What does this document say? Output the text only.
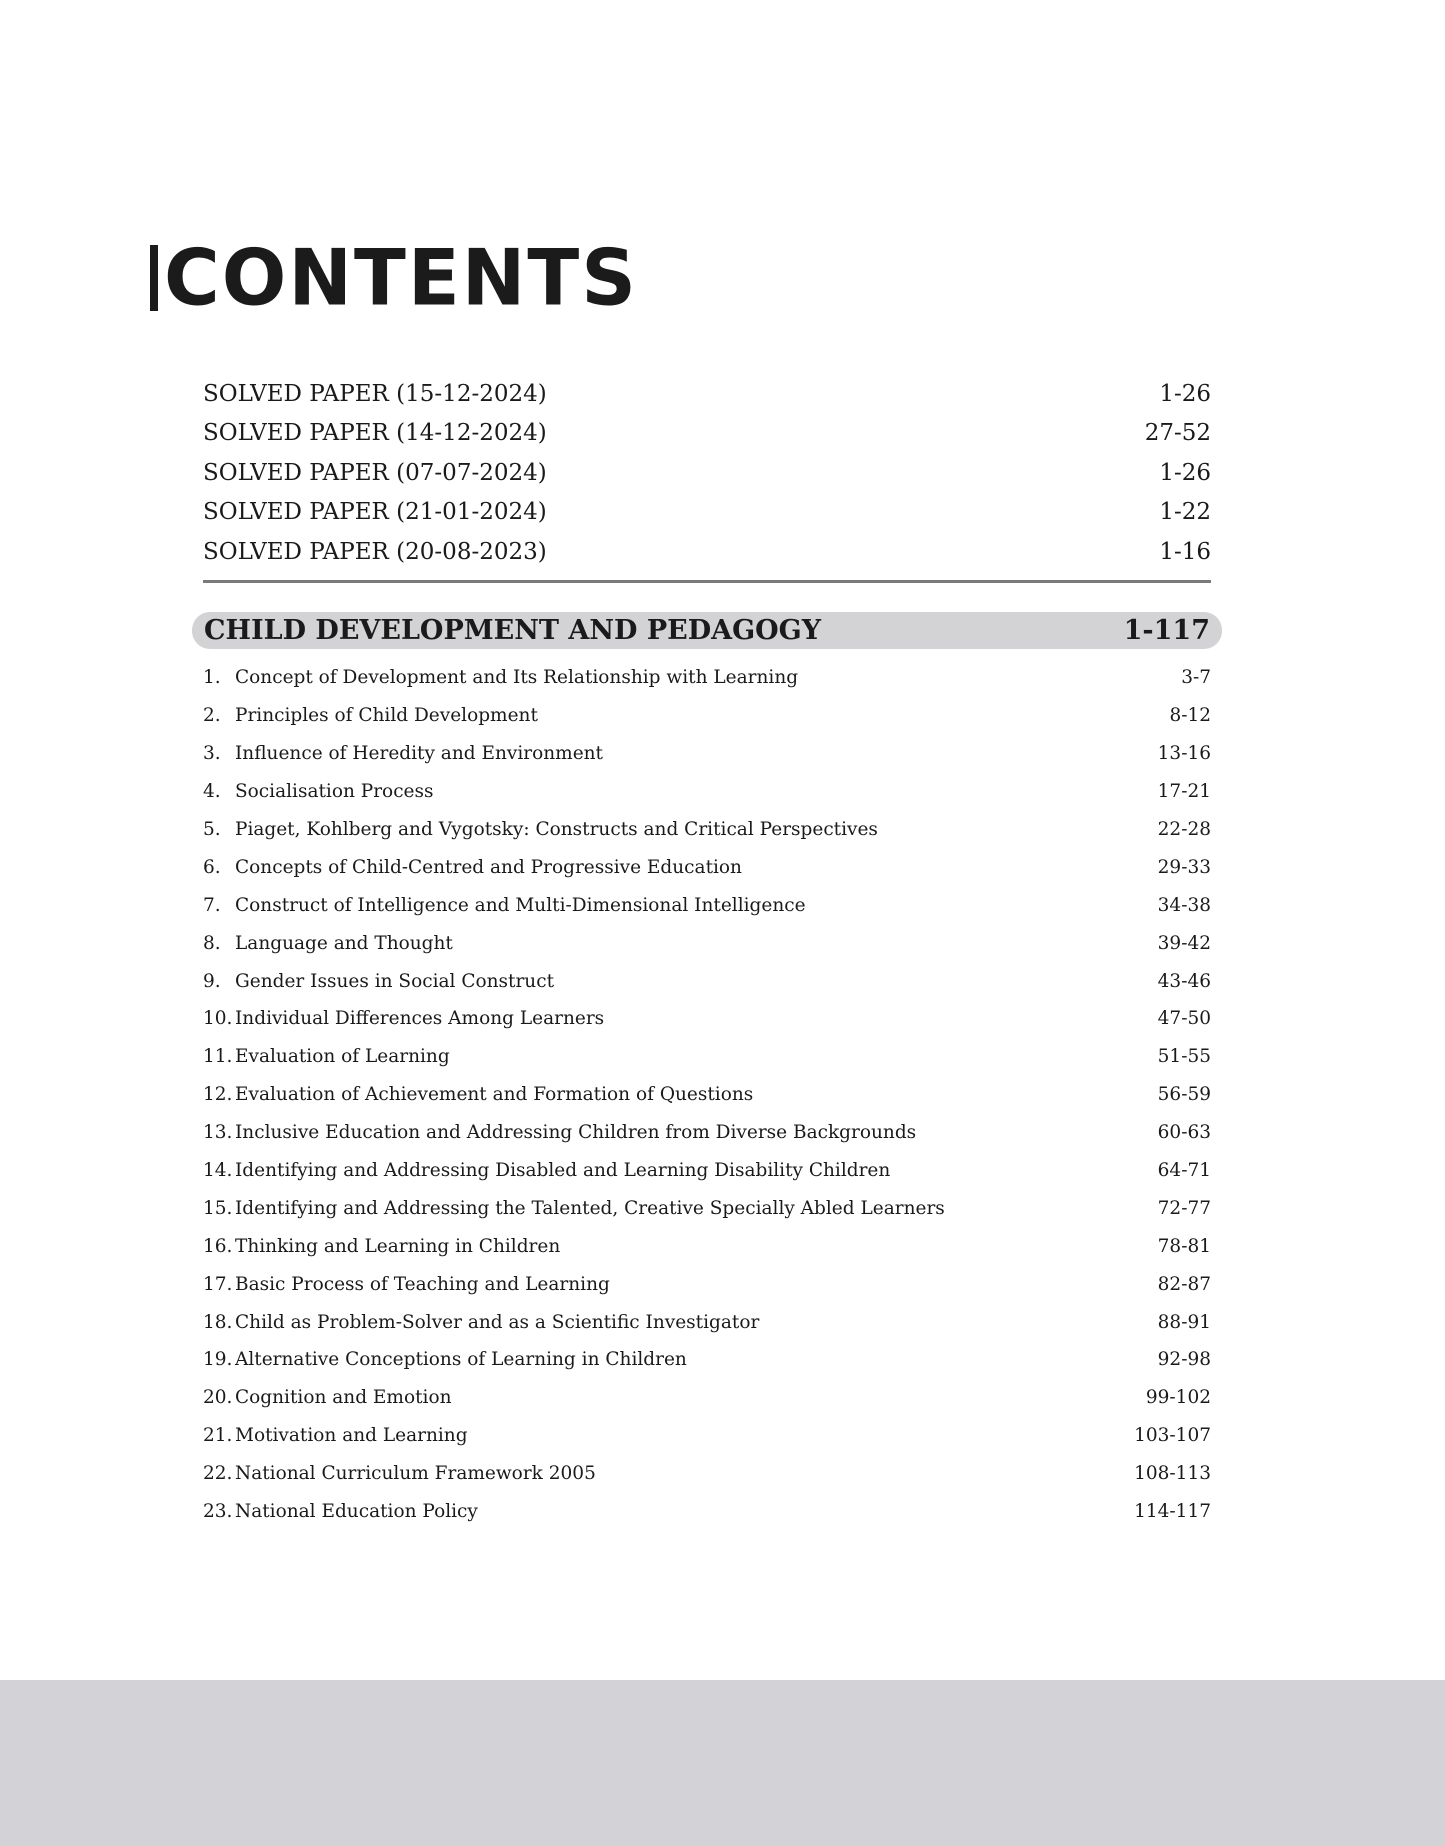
CONTENTS
SOLVED PAPER (15-12-2024)	1-26
SOLVED PAPER (14-12-2024)	27-52
SOLVED PAPER (07-07-2024)	1-26
SOLVED PAPER (21-01-2024)	1-22
SOLVED PAPER (20-08-2023)	1-16
CHILD DEVELOPMENT AND PEDAGOGY	1-117
1. Concept of Development and Its Relationship with Learning	3-7
2. Principles of Child Development	8-12
3. Influence of Heredity and Environment	13-16
4. Socialisation Process	17-21
5. Piaget, Kohlberg and Vygotsky: Constructs and Critical Perspectives	22-28
6. Concepts of Child-Centred and Progressive Education	29-33
7. Construct of Intelligence and Multi-Dimensional Intelligence	34-38
8. Language and Thought	39-42
9. Gender Issues in Social Construct	43-46
10. Individual Differences Among Learners	47-50
11. Evaluation of Learning	51-55
12. Evaluation of Achievement and Formation of Questions	56-59
13. Inclusive Education and Addressing Children from Diverse Backgrounds	60-63
14. Identifying and Addressing Disabled and Learning Disability Children	64-71
15. Identifying and Addressing the Talented, Creative Specially Abled Learners	72-77
16. Thinking and Learning in Children	78-81
17. Basic Process of Teaching and Learning	82-87
18. Child as Problem-Solver and as a Scientific Investigator	88-91
19. Alternative Conceptions of Learning in Children	92-98
20. Cognition and Emotion	99-102
21. Motivation and Learning	103-107
22. National Curriculum Framework 2005	108-113
23. National Education Policy	114-117
